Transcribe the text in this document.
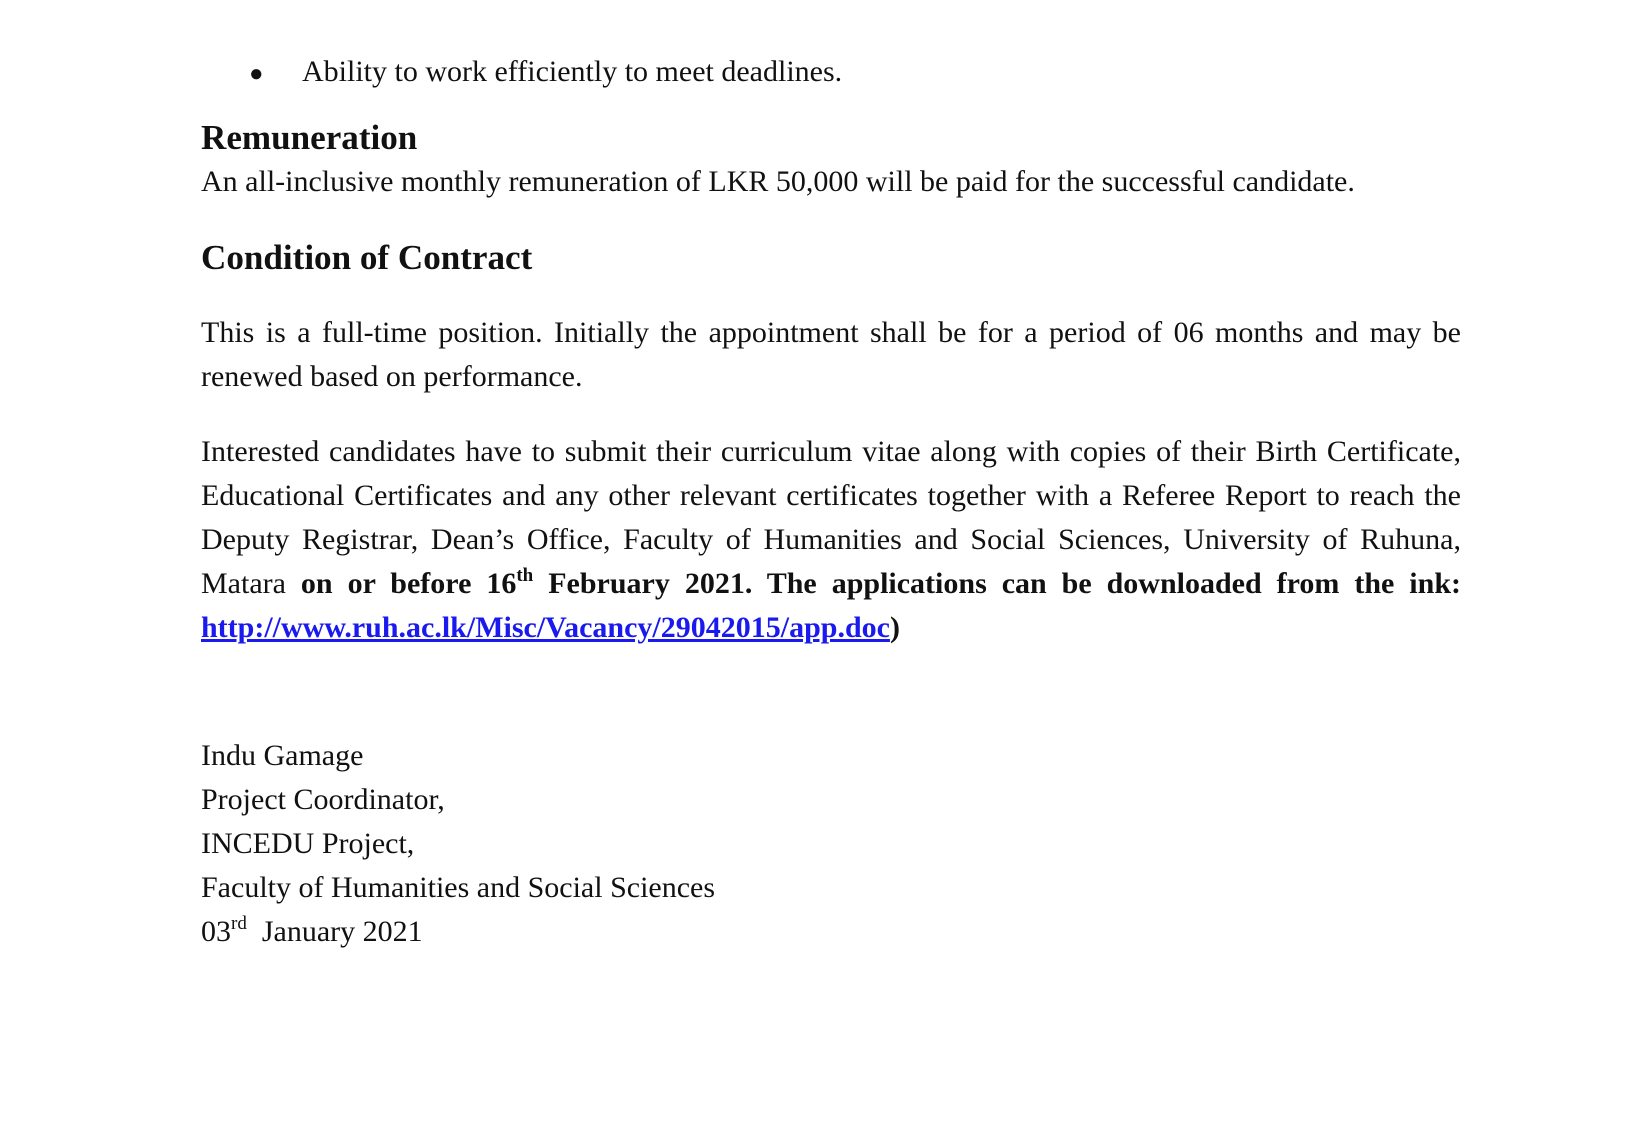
●	Ability to work efficiently to meet deadlines.
Remuneration

An all-inclusive monthly remuneration of LKR 50,000 will be paid for the successful candidate.

Condition of Contract

This is a full-time position. Initially the appointment shall be for a period of 06 months and may be renewed based on performance.

Interested candidates have to submit their curriculum vitae along with copies of their Birth Certificate, Educational Certificates and any other relevant certificates together with a Referee Report to reach the Deputy Registrar, Dean’s Office, Faculty of Humanities and Social Sciences, University of Ruhuna, Matara on or before 16th February 2021. The applications can be downloaded from the ink: http://www.ruh.ac.lk/Misc/Vacancy/29042015/app.doc)

Indu Gamage

Project Coordinator,

INCEDU Project,

Faculty of Humanities and Social Sciences

03rd January 2021
